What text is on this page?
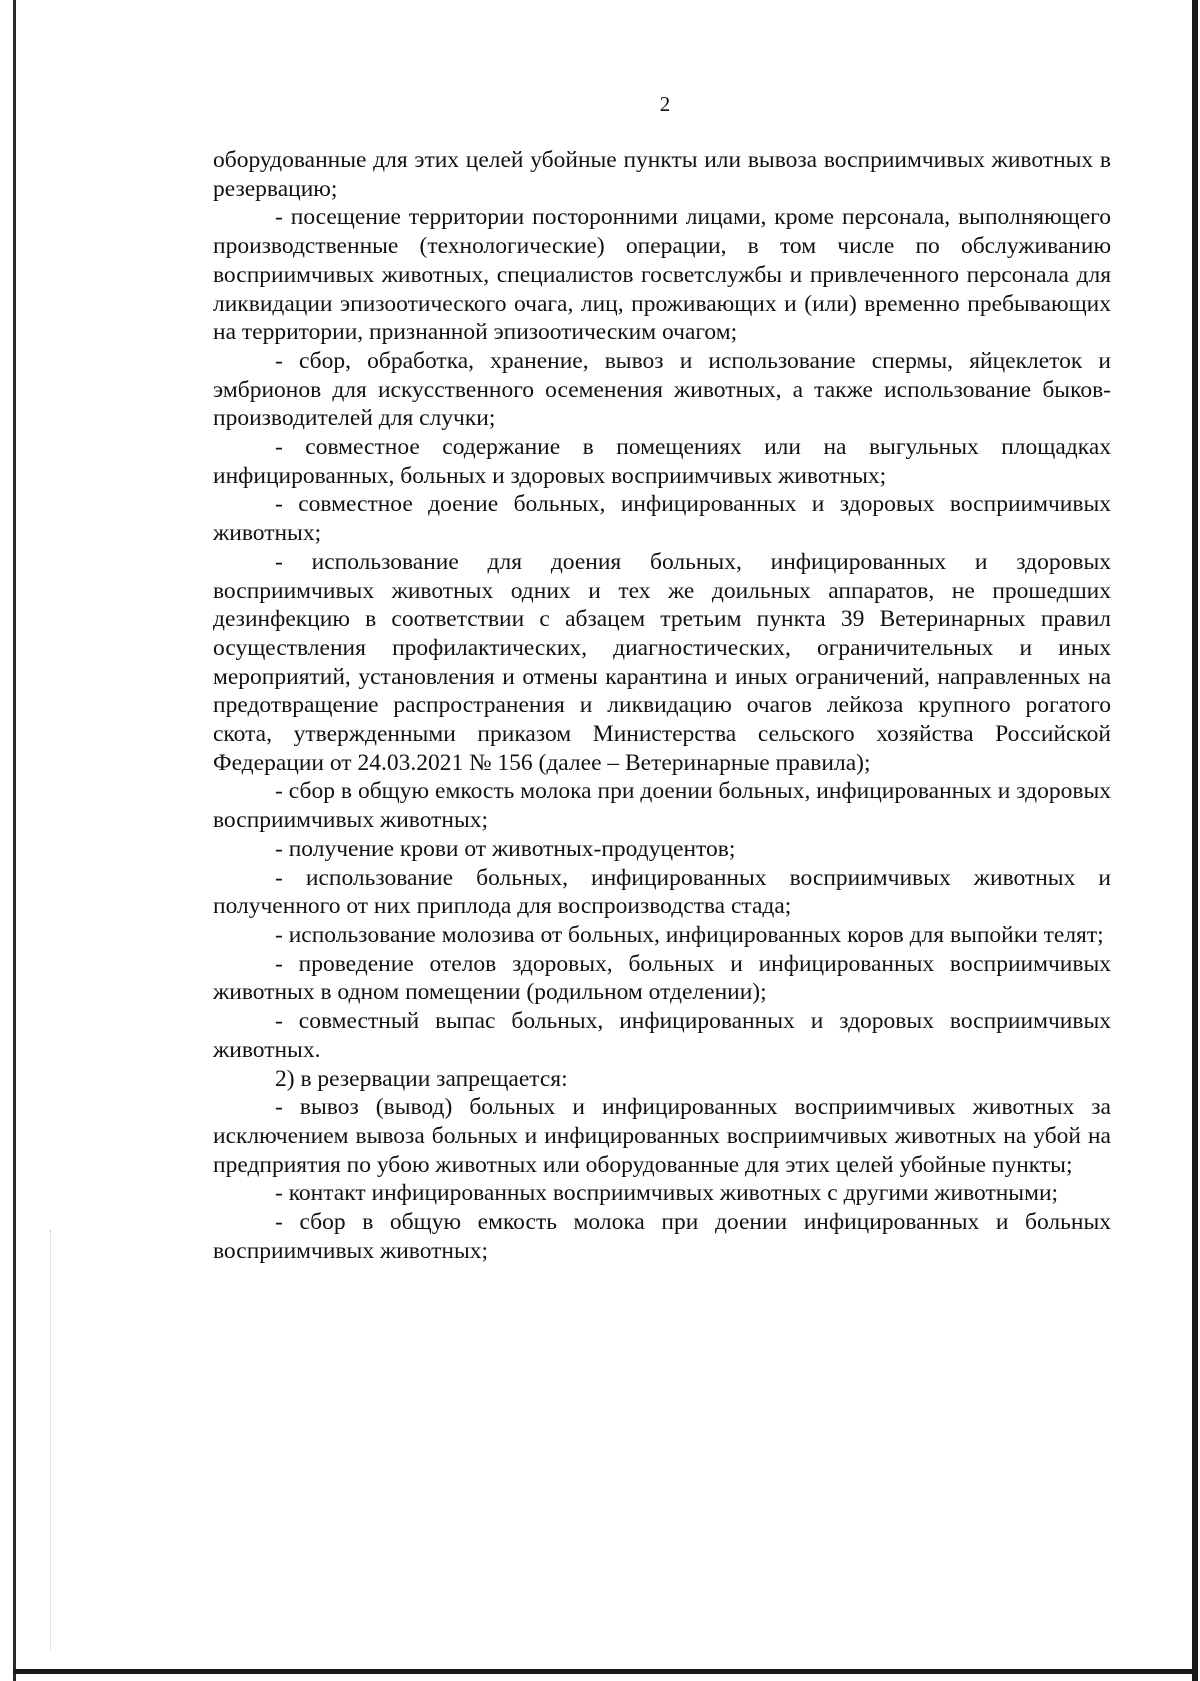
2

оборудованные для этих целей убойные пункты или вывоза восприимчивых животных в резервацию;

- посещение территории посторонними лицами, кроме персонала, выполняющего производственные (технологические) операции, в том числе по обслуживанию восприимчивых животных, специалистов госветслужбы и привлеченного персонала для ликвидации эпизоотического очага, лиц, проживающих и (или) временно пребывающих на территории, признанной эпизоотическим очагом;

- сбор, обработка, хранение, вывоз и использование спермы, яйцеклеток и эмбрионов для искусственного осеменения животных, а также использование быков-производителей для случки;

- совместное содержание в помещениях или на выгульных площадках инфицированных, больных и здоровых восприимчивых животных;

- совместное доение больных, инфицированных и здоровых восприимчивых животных;

- использование для доения больных, инфицированных и здоровых восприимчивых животных одних и тех же доильных аппаратов, не прошедших дезинфекцию в соответствии с абзацем третьим пункта 39 Ветеринарных правил осуществления профилактических, диагностических, ограничительных и иных мероприятий, установления и отмены карантина и иных ограничений, направленных на предотвращение распространения и ликвидацию очагов лейкоза крупного рогатого скота, утвержденными приказом Министерства сельского хозяйства Российской Федерации от 24.03.2021 № 156 (далее – Ветеринарные правила);

- сбор в общую емкость молока при доении больных, инфицированных и здоровых восприимчивых животных;

- получение крови от животных-продуцентов;

- использование больных, инфицированных восприимчивых животных и полученного от них приплода для воспроизводства стада;

- использование молозива от больных, инфицированных коров для выпойки телят;

- проведение отелов здоровых, больных и инфицированных восприимчивых животных в одном помещении (родильном отделении);

- совместный выпас больных, инфицированных и здоровых восприимчивых животных.

2) в резервации запрещается:

- вывоз (вывод) больных и инфицированных восприимчивых животных за исключением вывоза больных и инфицированных восприимчивых животных на убой на предприятия по убою животных или оборудованные для этих целей убойные пункты;

- контакт инфицированных восприимчивых животных с другими животными;

- сбор в общую емкость молока при доении инфицированных и больных восприимчивых животных;
